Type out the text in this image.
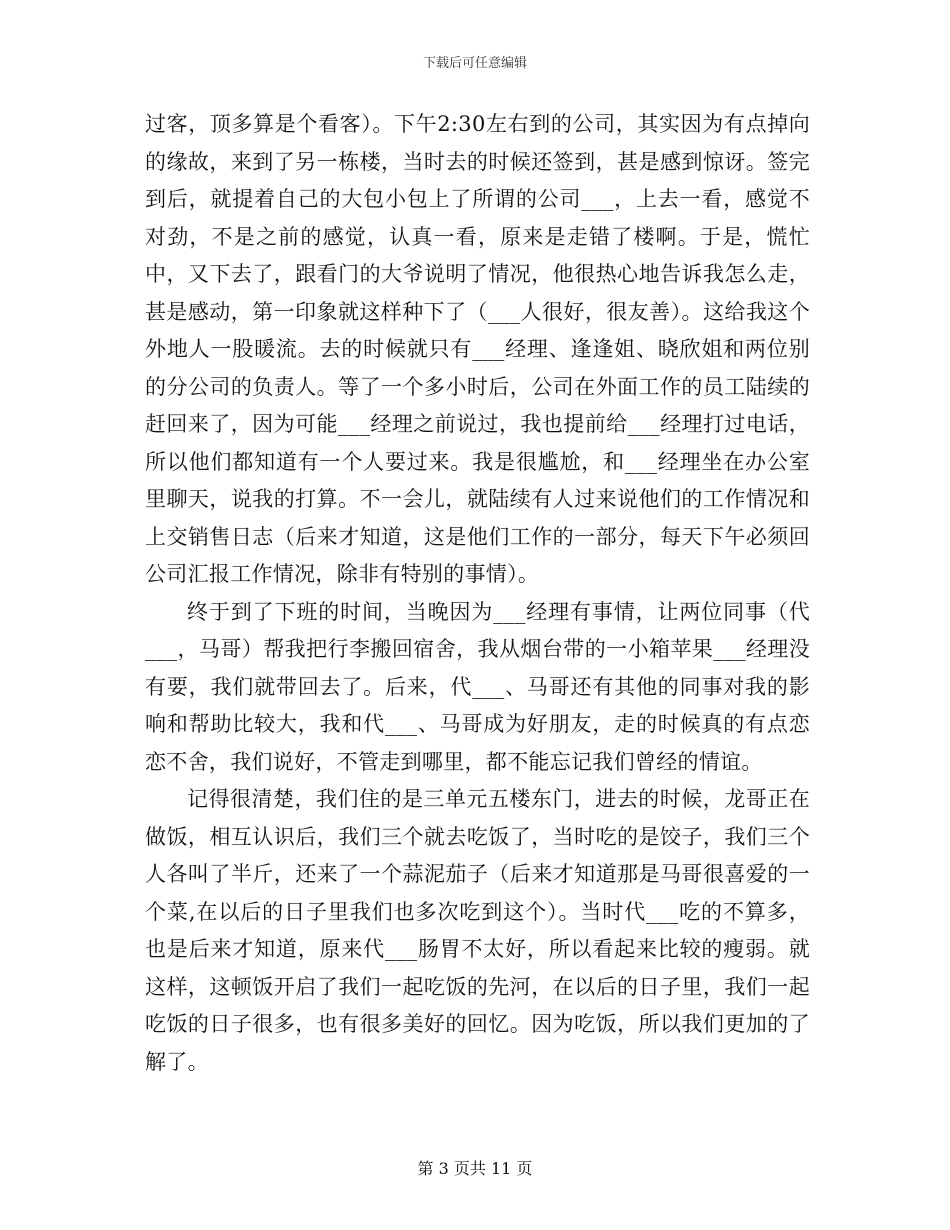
下载后可任意编辑

过客，顶多算是个看客）。下午2:30左右到的公司，其实因为有点掉向的缘故，来到了另一栋楼，当时去的时候还签到，甚是感到惊讶。签完到后，就提着自己的大包小包上了所谓的公司___，上去一看，感觉不对劲，不是之前的感觉，认真一看，原来是走错了楼啊。于是，慌忙中，又下去了，跟看门的大爷说明了情况，他很热心地告诉我怎么走，甚是感动，第一印象就这样种下了（___人很好，很友善）。这给我这个外地人一股暖流。去的时候就只有___经理、逢逢姐、晓欣姐和两位别的分公司的负责人。等了一个多小时后，公司在外面工作的员工陆续的赶回来了，因为可能___经理之前说过，我也提前给___经理打过电话，所以他们都知道有一个人要过来。我是很尴尬，和___经理坐在办公室里聊天，说我的打算。不一会儿，就陆续有人过来说他们的工作情况和上交销售日志（后来才知道，这是他们工作的一部分，每天下午必须回公司汇报工作情况，除非有特别的事情）。

终于到了下班的时间，当晚因为___经理有事情，让两位同事（代___，马哥）帮我把行李搬回宿舍，我从烟台带的一小箱苹果___经理没有要，我们就带回去了。后来，代___、马哥还有其他的同事对我的影响和帮助比较大，我和代___、马哥成为好朋友，走的时候真的有点恋恋不舍，我们说好，不管走到哪里，都不能忘记我们曾经的情谊。

记得很清楚，我们住的是三单元五楼东门，进去的时候，龙哥正在做饭，相互认识后，我们三个就去吃饭了，当时吃的是饺子，我们三个人各叫了半斤，还来了一个蒜泥茄子（后来才知道那是马哥很喜爱的一个菜,在以后的日子里我们也多次吃到这个）。当时代___吃的不算多，也是后来才知道，原来代___肠胃不太好，所以看起来比较的瘦弱。就这样，这顿饭开启了我们一起吃饭的先河，在以后的日子里，我们一起吃饭的日子很多，也有很多美好的回忆。因为吃饭，所以我们更加的了解了。

第 3 页共 11 页
